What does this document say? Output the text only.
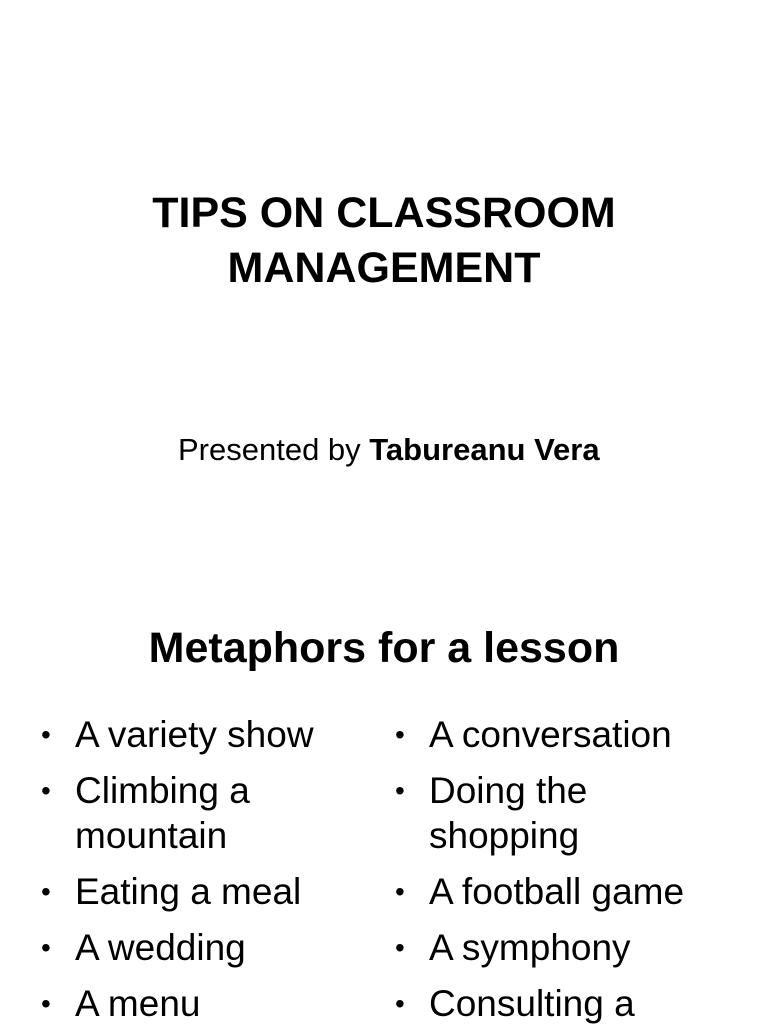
TIPS ON CLASSROOM
MANAGEMENT
Presented by Tabureanu Vera
Metaphors for a lesson
• A variety show
• Climbing a
mountain
• Eating a meal
• A wedding
• A menu
• A conversation
• Doing the
shopping
• A football game
• A symphony
• Consulting a
